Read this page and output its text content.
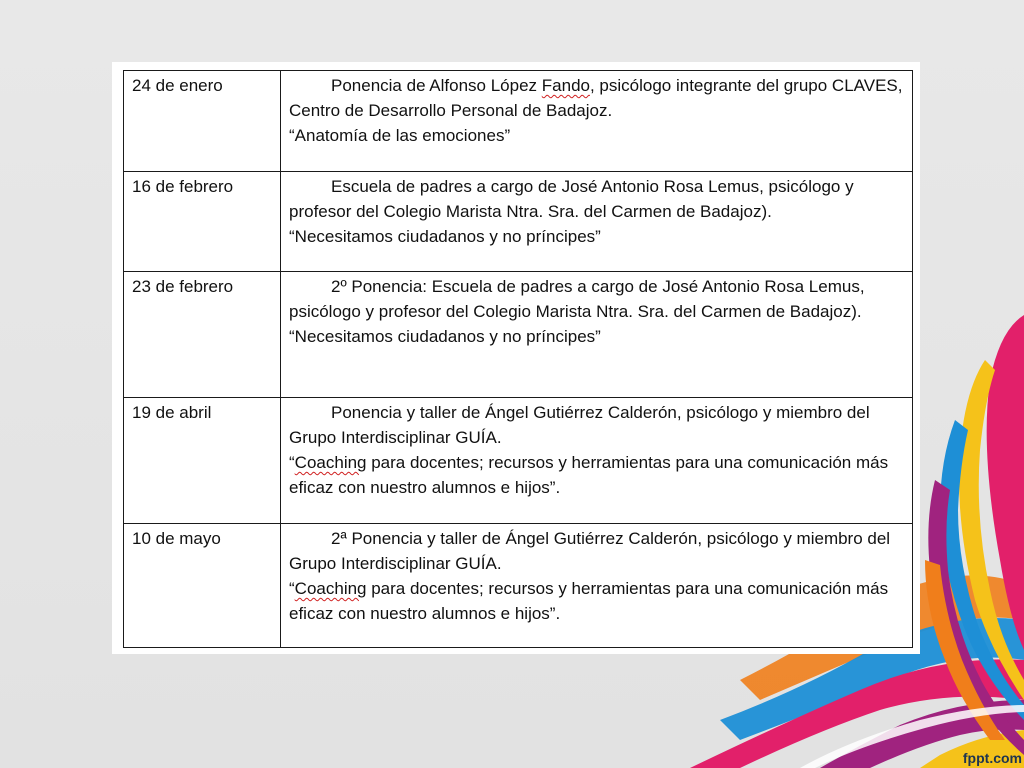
24 de enero	Ponencia de Alfonso López Fando, psicólogo integrante del grupo CLAVES, Centro de Desarrollo Personal de Badajoz.
“Anatomía de las emociones”

16 de febrero	Escuela de padres a cargo de José Antonio Rosa Lemus, psicólogo y profesor del Colegio Marista Ntra. Sra. del Carmen de Badajoz).
“Necesitamos ciudadanos y no príncipes”

23 de febrero	2º Ponencia: Escuela de padres a cargo de José Antonio Rosa Lemus, psicólogo y profesor del Colegio Marista Ntra. Sra. del Carmen de Badajoz).
“Necesitamos ciudadanos y no príncipes”

19 de abril	Ponencia y taller de Ángel Gutiérrez Calderón, psicólogo y miembro del Grupo Interdisciplinar GUÍA.
“Coaching para docentes; recursos y herramientas para una comunicación más eficaz con nuestro alumnos e hijos”.

10 de mayo	2ª Ponencia y taller de Ángel Gutiérrez Calderón, psicólogo y miembro del Grupo Interdisciplinar GUÍA.
“Coaching para docentes; recursos y herramientas para una comunicación más eficaz con nuestro alumnos e hijos”.
fppt.com
